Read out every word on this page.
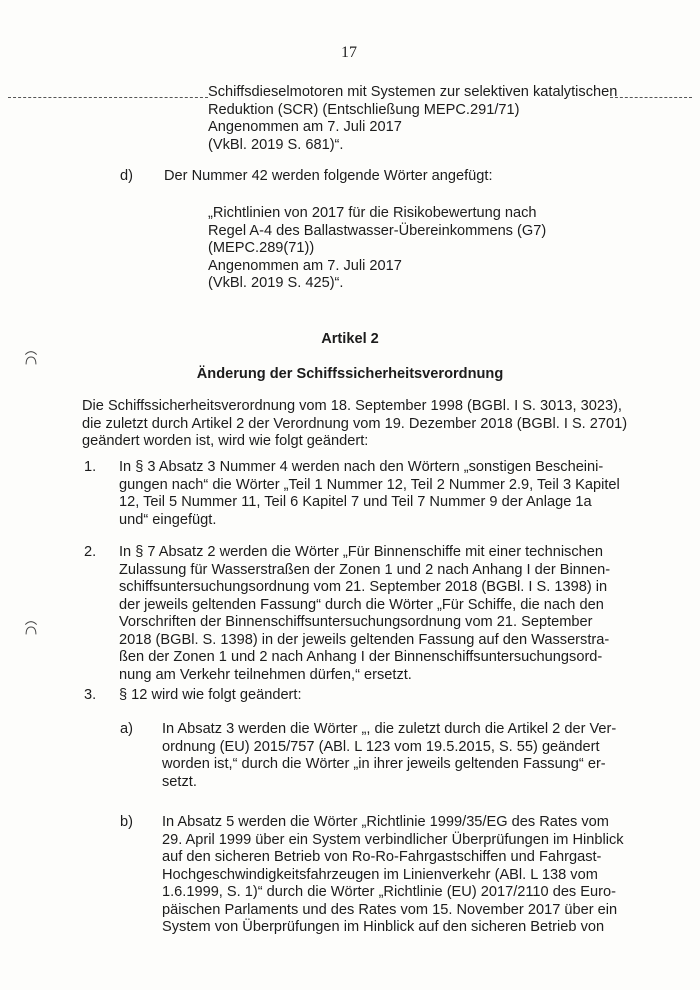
17
Schiffsdieselmotoren mit Systemen zur selektiven katalytischen
Reduktion (SCR) (Entschließung MEPC.291/71)
Angenommen am 7. Juli 2017
(VkBl. 2019 S. 681)“.
d) Der Nummer 42 werden folgende Wörter angefügt:
„Richtlinien von 2017 für die Risikobewertung nach
Regel A-4 des Ballastwasser-Übereinkommens (G7)
(MEPC.289(71))
Angenommen am 7. Juli 2017
(VkBl. 2019 S. 425)“.
Artikel 2
Änderung der Schiffssicherheitsverordnung
Die Schiffssicherheitsverordnung vom 18. September 1998 (BGBl. I S. 3013, 3023),
die zuletzt durch Artikel 2 der Verordnung vom 19. Dezember 2018 (BGBl. I S. 2701)
geändert worden ist, wird wie folgt geändert:
1. In § 3 Absatz 3 Nummer 4 werden nach den Wörtern „sonstigen Bescheini-
gungen nach“ die Wörter „Teil 1 Nummer 12, Teil 2 Nummer 2.9, Teil 3 Kapitel
12, Teil 5 Nummer 11, Teil 6 Kapitel 7 und Teil 7 Nummer 9 der Anlage 1a
und“ eingefügt.
2. In § 7 Absatz 2 werden die Wörter „Für Binnenschiffe mit einer technischen
Zulassung für Wasserstraßen der Zonen 1 und 2 nach Anhang I der Binnen-
schiffsuntersuchungsordnung vom 21. September 2018 (BGBl. I S. 1398) in
der jeweils geltenden Fassung“ durch die Wörter „Für Schiffe, die nach den
Vorschriften der Binnenschiffsuntersuchungsordnung vom 21. September
2018 (BGBl. S. 1398) in der jeweils geltenden Fassung auf den Wasserstra-
ßen der Zonen 1 und 2 nach Anhang I der Binnenschiffsuntersuchungsord-
nung am Verkehr teilnehmen dürfen,“ ersetzt.
3. § 12 wird wie folgt geändert:
a) In Absatz 3 werden die Wörter „, die zuletzt durch die Artikel 2 der Ver-
ordnung (EU) 2015/757 (ABl. L 123 vom 19.5.2015, S. 55) geändert
worden ist,“ durch die Wörter „in ihrer jeweils geltenden Fassung“ er-
setzt.
b) In Absatz 5 werden die Wörter „Richtlinie 1999/35/EG des Rates vom
29. April 1999 über ein System verbindlicher Überprüfungen im Hinblick
auf den sicheren Betrieb von Ro-Ro-Fahrgastschiffen und Fahrgast-
Hochgeschwindigkeitsfahrzeugen im Linienverkehr (ABl. L 138 vom
1.6.1999, S. 1)“ durch die Wörter „Richtlinie (EU) 2017/2110 des Euro-
päischen Parlaments und des Rates vom 15. November 2017 über ein
System von Überprüfungen im Hinblick auf den sicheren Betrieb von
